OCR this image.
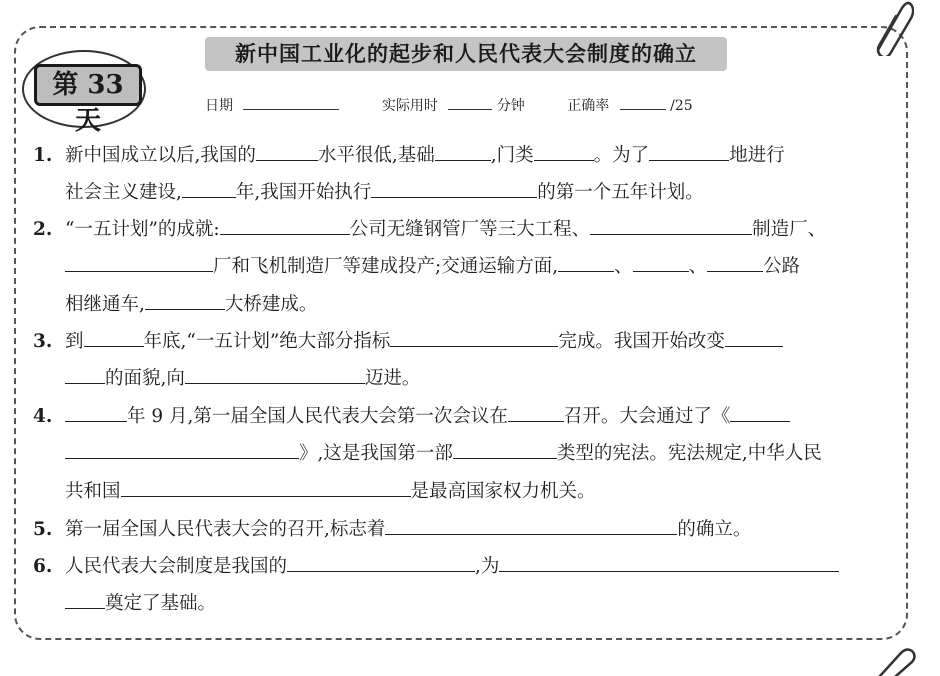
新中国工业化的起步和人民代表大会制度的确立
第 33 天	日期	实际用时	分钟	正确率	/25
1. 新中国成立以后,我国的	水平很低,基础	,门类	。为了	地进行
社会主义建设,	年,我国开始执行	的第一个五年计划。
2. “一五计划”的成就:	公司无缝钢管厂等三大工程、	制造厂、
厂和飞机制造厂等建成投产;交通运输方面,	、	、	公路
相继通车,	大桥建成。
3. 到	年底,“一五计划”绝大部分指标	完成。我国开始改变
的面貌,向	迈进。
4.	年 9 月,第一届全国人民代表大会第一次会议在	召开。大会通过了《
》,这是我国第一部	类型的宪法。宪法规定,中华人民
共和国	是最高国家权力机关。
5. 第一届全国人民代表大会的召开,标志着	的确立。
6. 人民代表大会制度是我国的	,为
奠定了基础。
